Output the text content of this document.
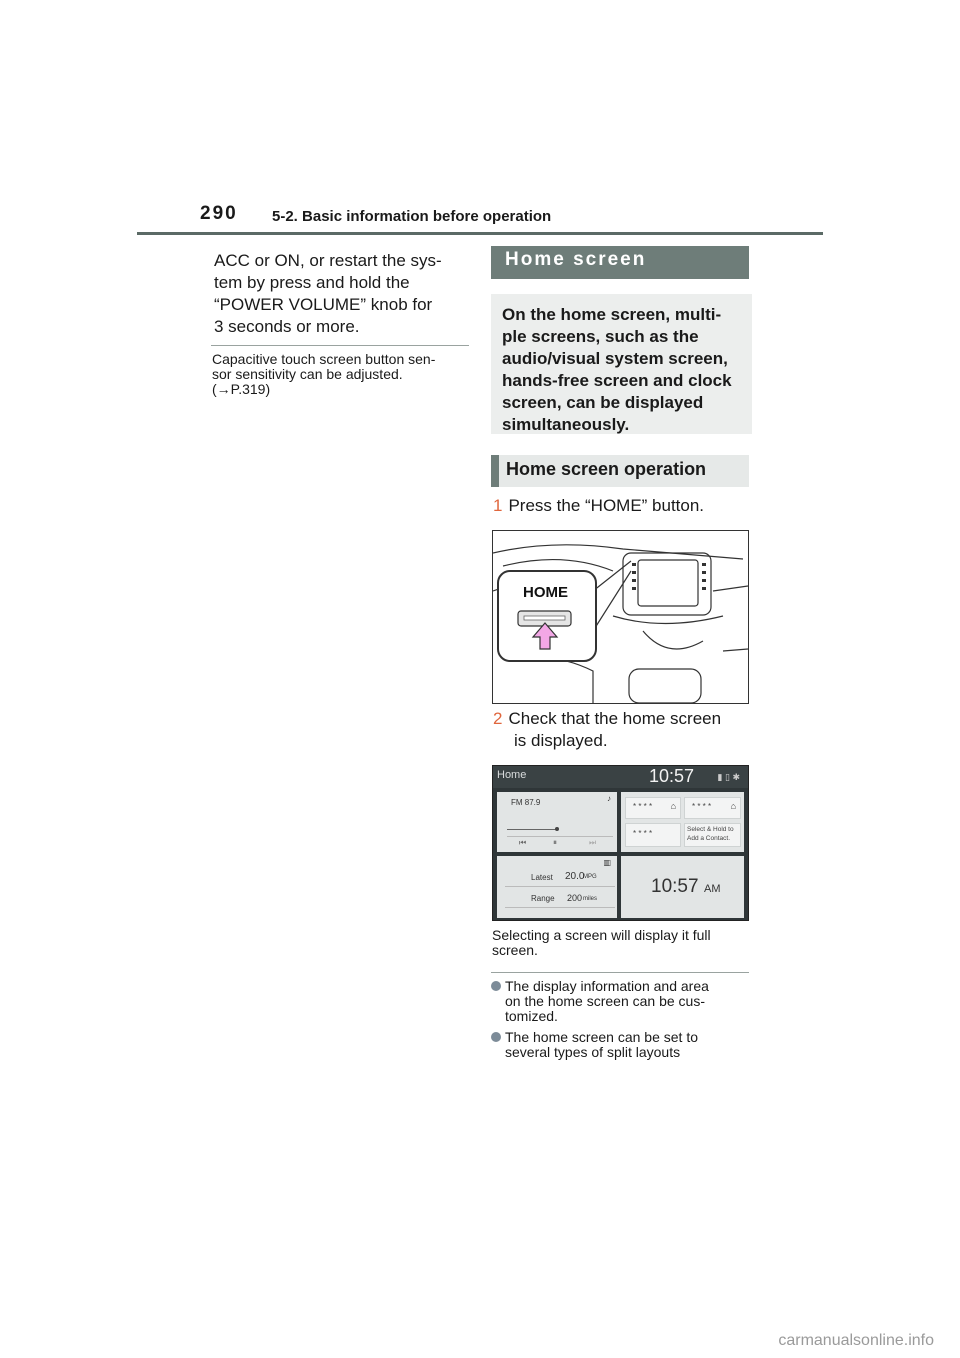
290 5-2. Basic information before operation
ACC or ON, or restart the sys-
tem by press and hold the
“POWER VOLUME” knob for
3 seconds or more.
Capacitive touch screen button sen-
sor sensitivity can be adjusted.
(→P.319)
Home screen
On the home screen, multi-
ple screens, such as the
audio/visual system screen,
hands-free screen and clock
screen, can be displayed
simultaneously.
Home screen operation
1 Press the “HOME” button.
HOME
2 Check that the home screen
is displayed.
Home	10:57	▮ ▯ ✱
FM 87.9	♪
⏮	⏸	⏭
▥
Latest 20.0
MPG
Range 200 miles
* * * * ⌂ * * * * ⌂
* * * *	Select & Hold to
Add a Contact.
10:57 AM
Selecting a screen will display it full
screen.
The display information and area
on the home screen can be cus-
tomized.
The home screen can be set to
several types of split layouts
carmanualsonline.info
